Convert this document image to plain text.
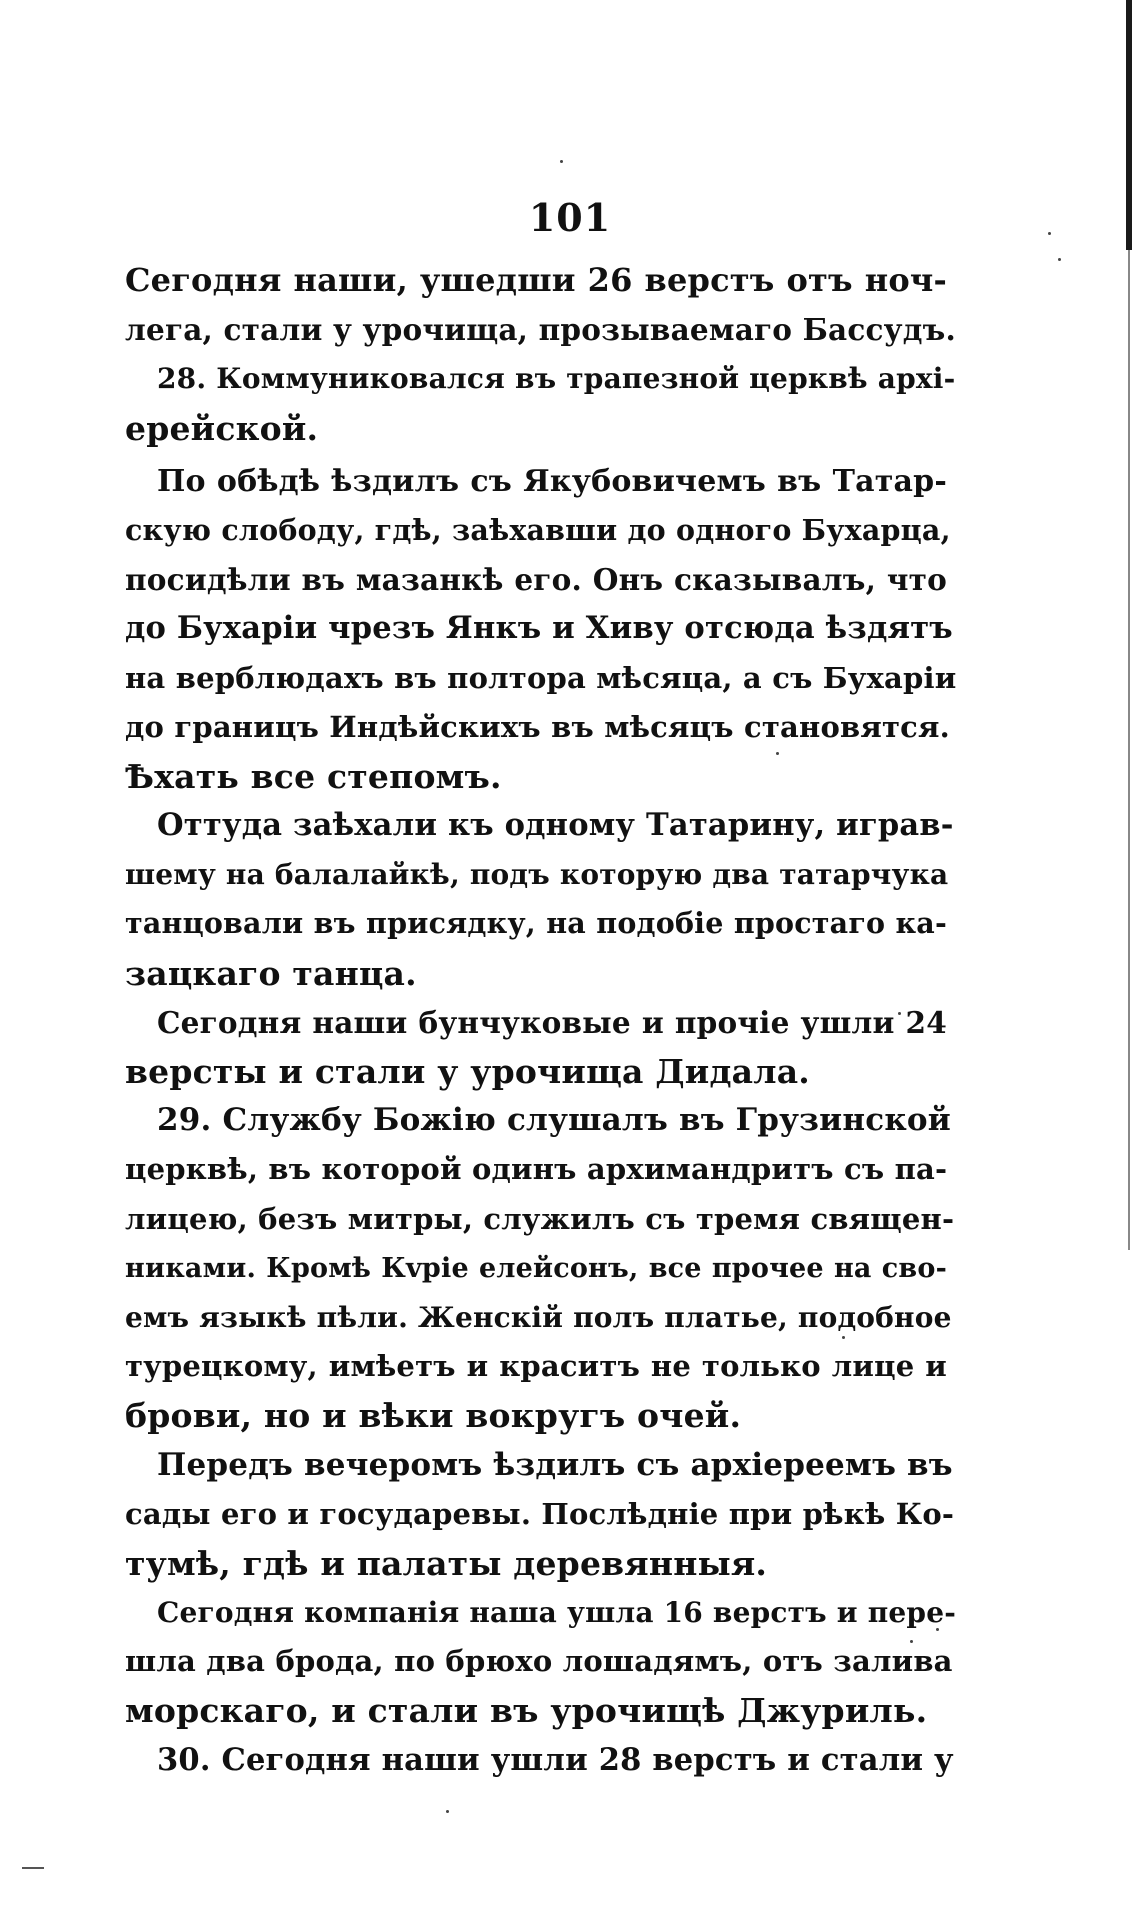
101
Сегодня наши, ушедши 26 верстъ отъ ноч-
лега, стали у урочища, прозываемаго Бассудъ.
28. Коммуниковался въ трапезной церквѣ архі-
ерейской.
По обѣдѣ ѣздилъ съ Якубовичемъ въ Татар-
скую слободу, гдѣ, заѣхавши до одного Бухарца,
посидѣли въ мазанкѣ его. Онъ сказывалъ, что
до Бухаріи чрезъ Янкъ и Хиву отсюда ѣздятъ
на верблюдахъ въ полтора мѣсяца, а съ Бухаріи
до границъ Индѣйскихъ въ мѣсяцъ становятся.
Ѣхать все степомъ.
Оттуда заѣхали къ одному Татарину, играв-
шему на балалайкѣ, подъ которую два татарчука
танцовали въ присядку, на подобіе простаго ка-
зацкаго танца.
Сегодня наши бунчуковые и прочіе ушли 24
версты и стали у урочища Дидала.
29. Службу Божію слушалъ въ Грузинской
церквѣ, въ которой одинъ архимандритъ съ па-
лицею, безъ митры, служилъ съ тремя священ-
никами. Кромѣ Кvріе елейсонъ, все прочее на сво-
емъ языкѣ пѣли. Женскій полъ платье, подобное
турецкому, имѣетъ и краситъ не только лице и
брови, но и вѣки вокругъ очей.
Передъ вечеромъ ѣздилъ съ архіереемъ въ
сады его и государевы. Послѣдніе при рѣкѣ Ко-
тумѣ, гдѣ и палаты деревянныя.
Сегодня компанія наша ушла 16 верстъ и пере-
шла два брода, по брюхо лошадямъ, отъ залива
морскаго, и стали въ урочищѣ Джуриль.
30. Сегодня наши ушли 28 верстъ и стали у
